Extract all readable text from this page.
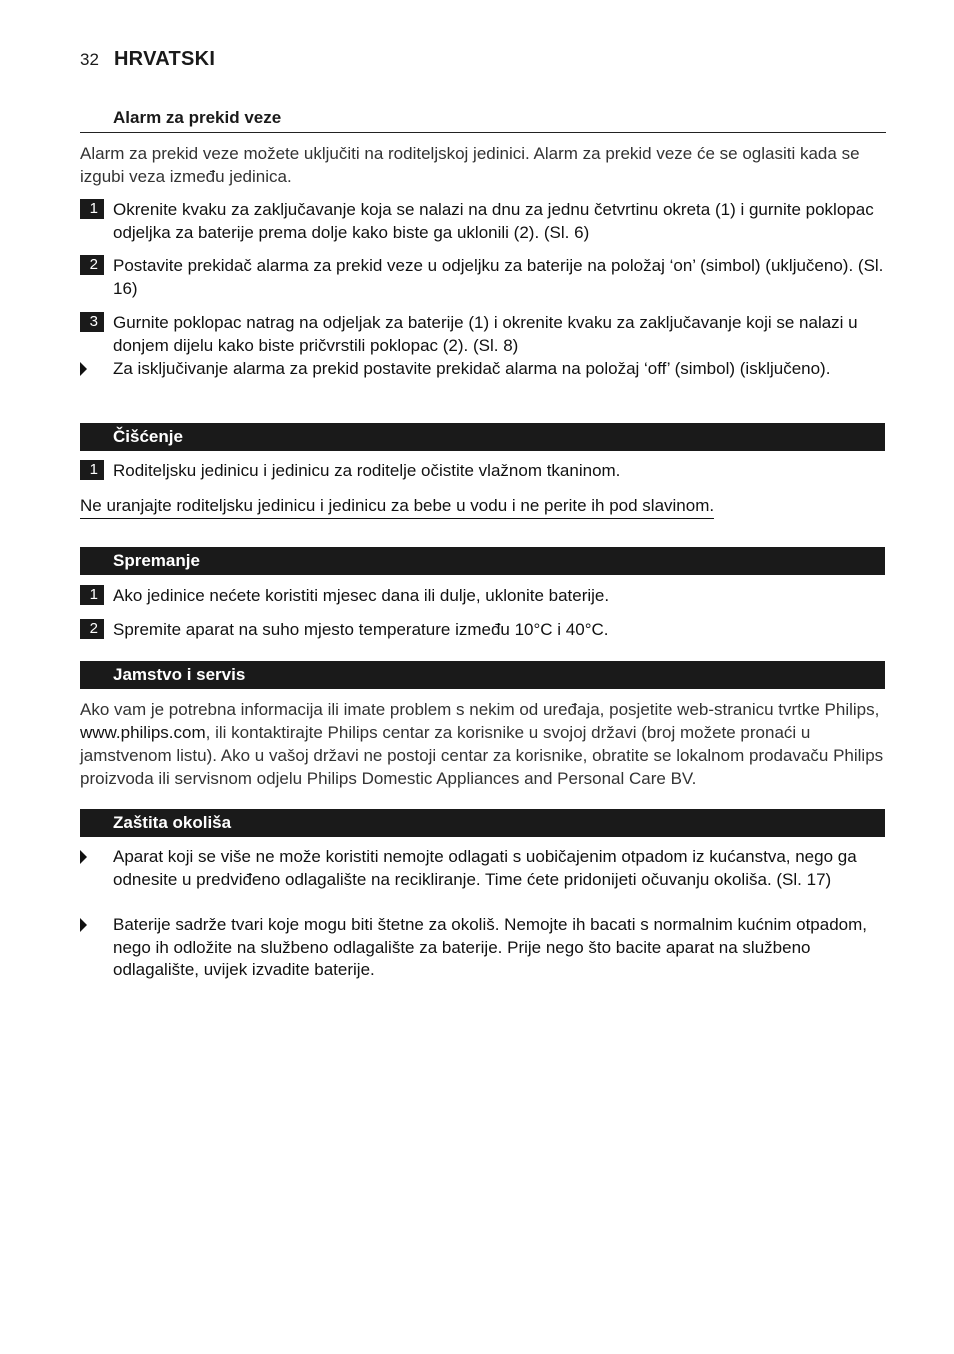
32 HRVATSKI
Alarm za prekid veze
Alarm za prekid veze možete uključiti na roditeljskoj jedinici. Alarm za prekid veze će se oglasiti kada se izgubi veza između jedinica.
1 Okrenite kvaku za zaključavanje koja se nalazi na dnu za jednu četvrtinu okreta (1) i gurnite poklopac odjeljka za baterije prema dolje kako biste ga uklonili (2). (Sl. 6)
2 Postavite prekidač alarma za prekid veze u odjeljku za baterije na položaj ‘on’ (simbol) (uključeno). (Sl. 16)
3 Gurnite poklopac natrag na odjeljak za baterije (1) i okrenite kvaku za zaključavanje koji se nalazi u donjem dijelu kako biste pričvrstili poklopac (2). (Sl. 8)
Za isključivanje alarma za prekid postavite prekidač alarma na položaj ‘off’ (simbol) (isključeno).
Čišćenje
1 Roditeljsku jedinicu i jedinicu za roditelje očistite vlažnom tkaninom.
Ne uranjajte roditeljsku jedinicu i jedinicu za bebe u vodu i ne perite ih pod slavinom.
Spremanje
1 Ako jedinice nećete koristiti mjesec dana ili dulje, uklonite baterije.
2 Spremite aparat na suho mjesto temperature između 10°C i 40°C.
Jamstvo i servis
Ako vam je potrebna informacija ili imate problem s nekim od uređaja, posjetite web-stranicu tvrtke Philips, www.philips.com, ili kontaktirajte Philips centar za korisnike u svojoj državi (broj možete pronaći u jamstvenom listu). Ako u vašoj državi ne postoji centar za korisnike, obratite se lokalnom prodavaču Philips proizvoda ili servisnom odjelu Philips Domestic Appliances and Personal Care BV.
Zaštita okoliša
Aparat koji se više ne može koristiti nemojte odlagati s uobičajenim otpadom iz kućanstva, nego ga odnesite u predviđeno odlagalište na recikliranje. Time ćete pridonijeti očuvanju okoliša. (Sl. 17)
Baterije sadrže tvari koje mogu biti štetne za okoliš. Nemojte ih bacati s normalnim kućnim otpadom, nego ih odložite na službeno odlagalište za baterije. Prije nego što bacite aparat na službeno odlagalište, uvijek izvadite baterije.
